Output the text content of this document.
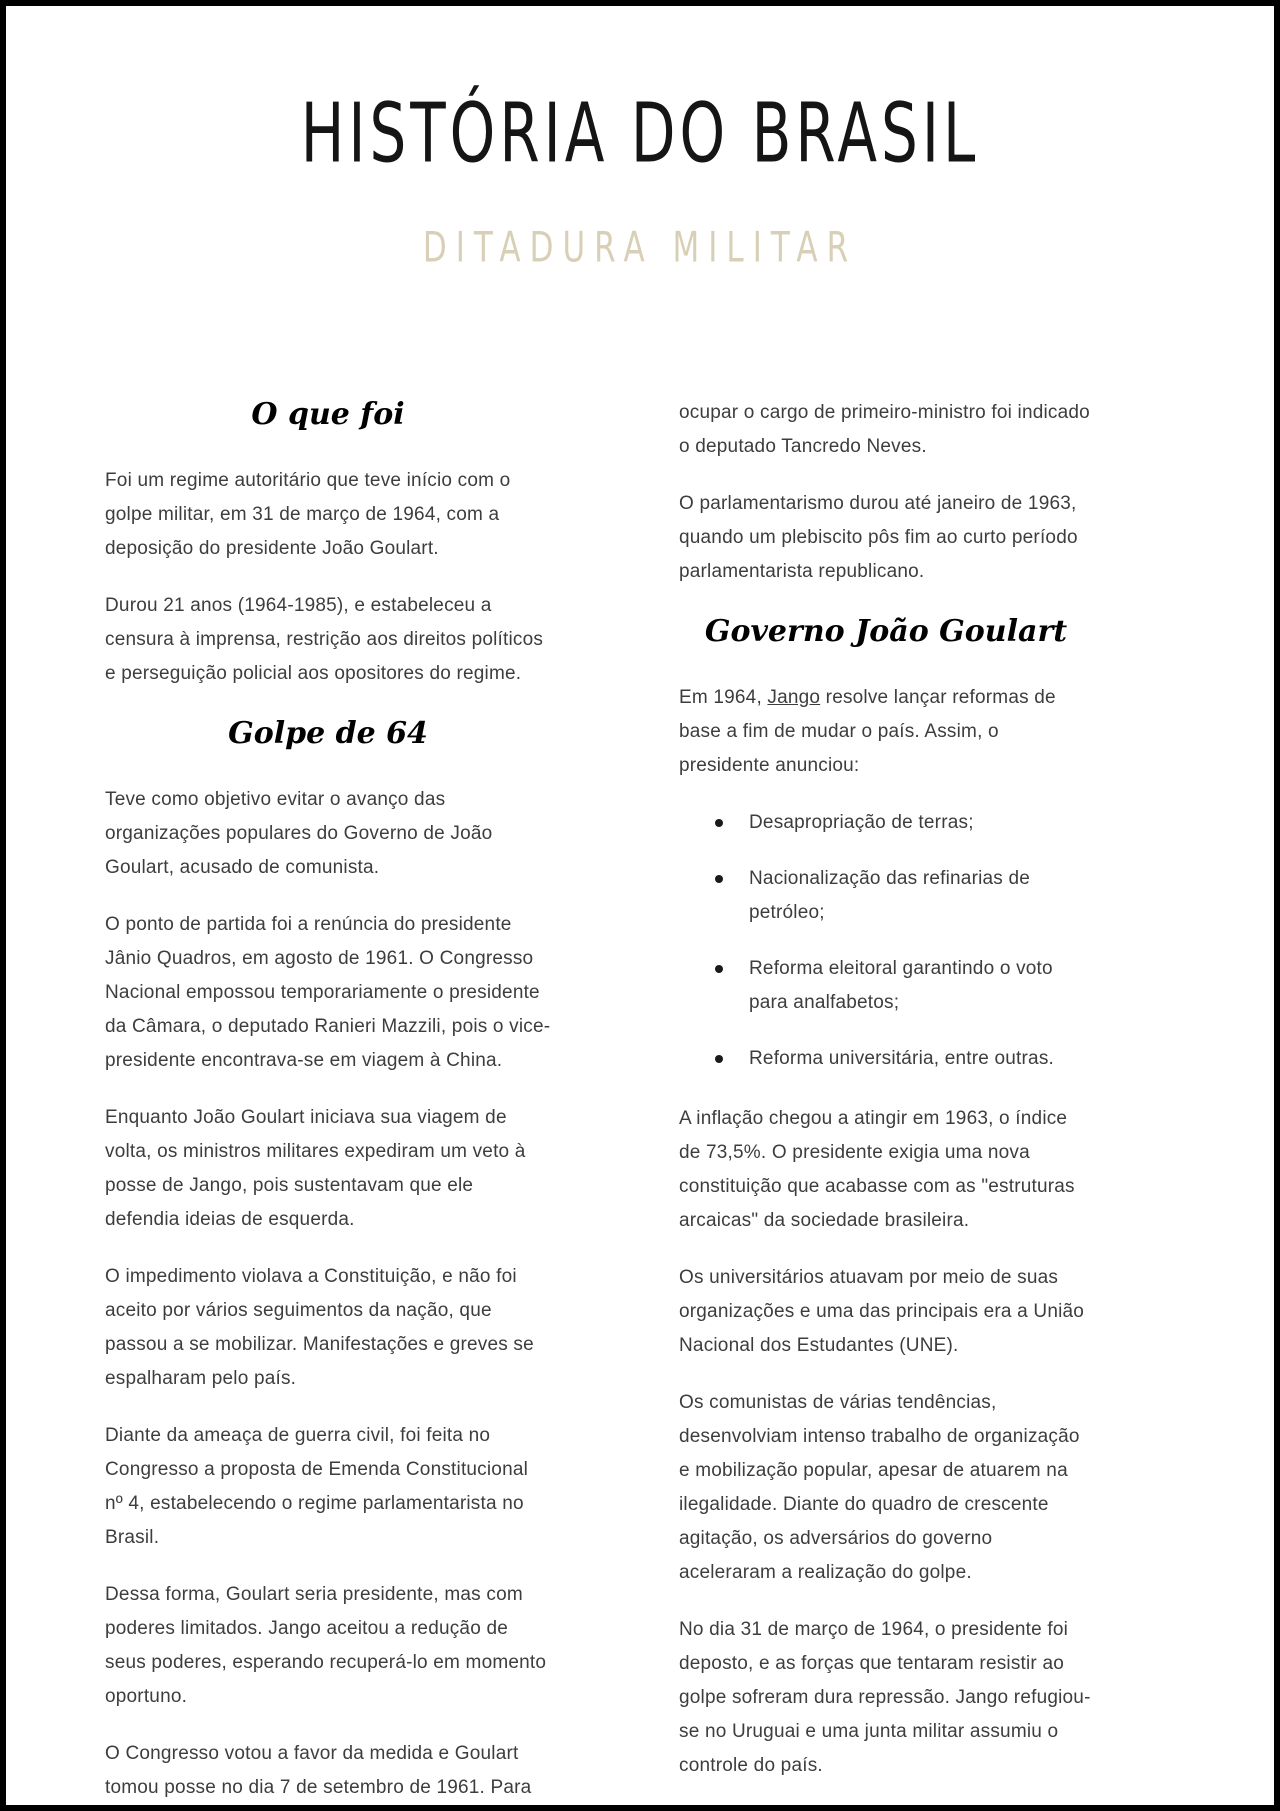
HISTÓRIA DO BRASIL
DITADURA MILITAR
O que foi

Foi um regime autoritário que teve início com o golpe militar, em 31 de março de 1964, com a deposição do presidente João Goulart.

Durou 21 anos (1964-1985), e estabeleceu a censura à imprensa, restrição aos direitos políticos e perseguição policial aos opositores do regime.

Golpe de 64

Teve como objetivo evitar o avanço das organizações populares do Governo de João Goulart, acusado de comunista.

O ponto de partida foi a renúncia do presidente Jânio Quadros, em agosto de 1961. O Congresso Nacional empossou temporariamente o presidente da Câmara, o deputado Ranieri Mazzili, pois o vice-presidente encontrava-se em viagem à China.

Enquanto João Goulart iniciava sua viagem de volta, os ministros militares expediram um veto à posse de Jango, pois sustentavam que ele defendia ideias de esquerda.

O impedimento violava a Constituição, e não foi aceito por vários seguimentos da nação, que passou a se mobilizar. Manifestações e greves se espalharam pelo país.

Diante da ameaça de guerra civil, foi feita no Congresso a proposta de Emenda Constitucional nº 4, estabelecendo o regime parlamentarista no Brasil.

Dessa forma, Goulart seria presidente, mas com poderes limitados. Jango aceitou a redução de seus poderes, esperando recuperá-lo em momento oportuno.

O Congresso votou a favor da medida e Goulart tomou posse no dia 7 de setembro de 1961. Para

ocupar o cargo de primeiro-ministro foi indicado o deputado Tancredo Neves.

O parlamentarismo durou até janeiro de 1963, quando um plebiscito pôs fim ao curto período parlamentarista republicano.

Governo João Goulart

Em 1964, Jango resolve lançar reformas de base a fim de mudar o país. Assim, o presidente anunciou:

Desapropriação de terras;
Nacionalização das refinarias de petróleo;
Reforma eleitoral garantindo o voto para analfabetos;
Reforma universitária, entre outras.

A inflação chegou a atingir em 1963, o índice de 73,5%. O presidente exigia uma nova constituição que acabasse com as "estruturas arcaicas" da sociedade brasileira.

Os universitários atuavam por meio de suas organizações e uma das principais era a União Nacional dos Estudantes (UNE).

Os comunistas de várias tendências, desenvolviam intenso trabalho de organização e mobilização popular, apesar de atuarem na ilegalidade. Diante do quadro de crescente agitação, os adversários do governo aceleraram a realização do golpe.

No dia 31 de março de 1964, o presidente foi deposto, e as forças que tentaram resistir ao golpe sofreram dura repressão. Jango refugiou-se no Uruguai e uma junta militar assumiu o controle do país.
